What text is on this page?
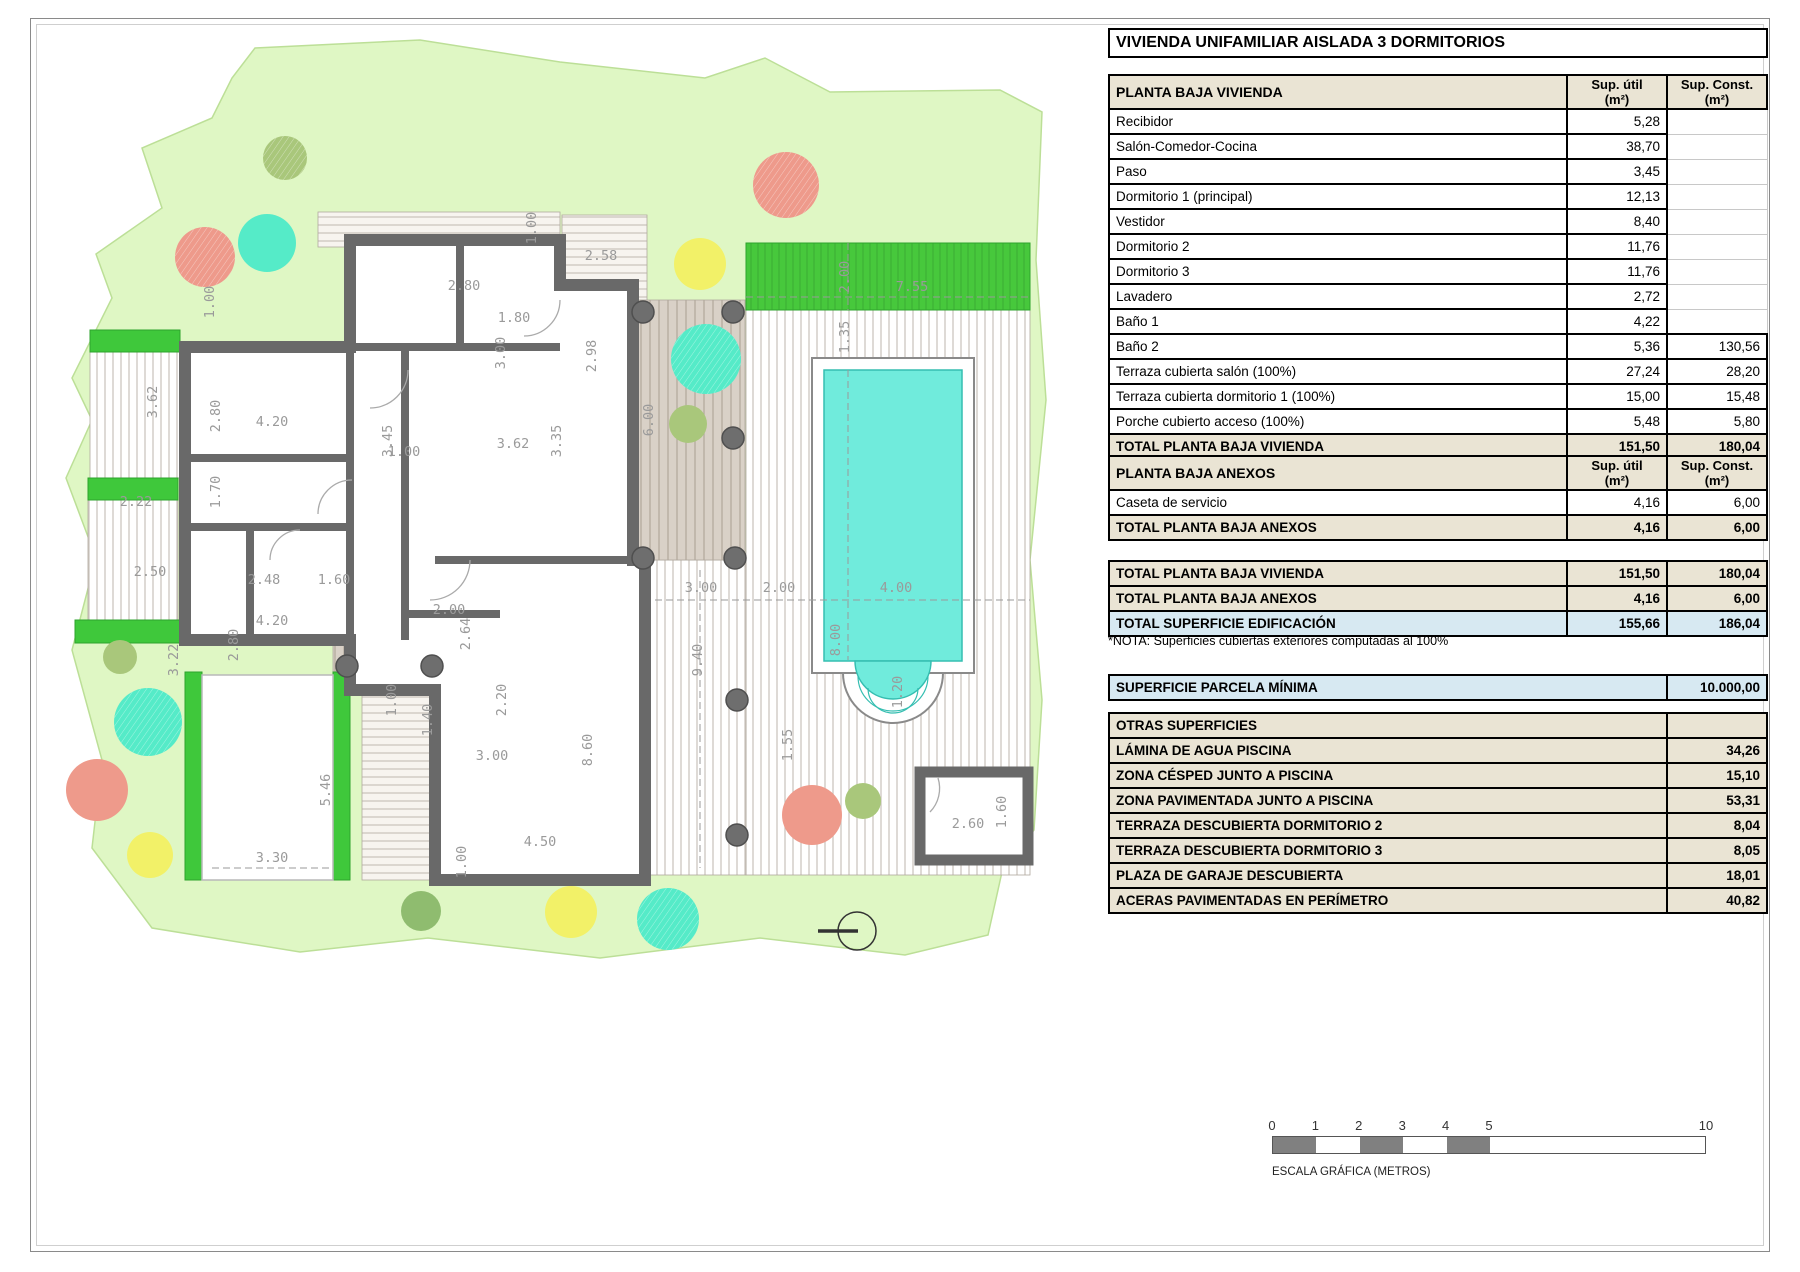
1.00
2.58
2.80
1.80
3.00	2.98
1.00
4.20
2.80
3.62
2.22	1.70
2.48	1.60
1.00	3.62
3.45	3.35
6.00
2.50
3.22	2.80
4.20
2.00
2.64
2.20
1.40
1.00
3.00	8.60
5.46
3.30	1.00
4.50
9.40
1.55
1.20
4.00
8.00
2.00
3.00
7.55
2.00
1.35
2.60 1.60
VIVIENDA UNIFAMILIAR AISLADA 3 DORMITORIOS
PLANTA BAJA VIVIENDA	Sup. útil
(m²)	Sup. Const.
(m²)
Recibidor	5,28	
Salón-Comedor-Cocina	38,70	
Paso	3,45	
Dormitorio 1 (principal)	12,13	
Vestidor	8,40	
Dormitorio 2	11,76	
Dormitorio 3	11,76	
Lavadero	2,72	
Baño 1	4,22	
Baño 2	5,36	130,56
Terraza cubierta salón (100%)	27,24	28,20
Terraza cubierta dormitorio 1 (100%)	15,00	15,48
Porche cubierto acceso (100%)	5,48	5,80
TOTAL PLANTA BAJA VIVIENDA	151,50	180,04
PLANTA BAJA ANEXOS	Sup. útil
(m²)	Sup. Const.
(m²)
Caseta de servicio	4,16	6,00
TOTAL PLANTA BAJA ANEXOS	4,16	6,00
TOTAL PLANTA BAJA VIVIENDA	151,50	180,04
TOTAL PLANTA BAJA ANEXOS	4,16	6,00
TOTAL SUPERFICIE EDIFICACIÓN	155,66	186,04
*NOTA: Superficies cubiertas exteriores computadas al 100%
SUPERFICIE PARCELA MÍNIMA	10.000,00
OTRAS SUPERFICIES	
LÁMINA DE AGUA PISCINA	34,26
ZONA CÉSPED JUNTO A PISCINA	15,10
ZONA PAVIMENTADA JUNTO A PISCINA	53,31
TERRAZA DESCUBIERTA DORMITORIO 2	8,04
TERRAZA DESCUBIERTA DORMITORIO 3	8,05
PLAZA DE GARAJE DESCUBIERTA	18,01
ACERAS PAVIMENTADAS EN PERÍMETRO	40,82
0	1	2	3	4	5	10
ESCALA GRÁFICA (METROS)
